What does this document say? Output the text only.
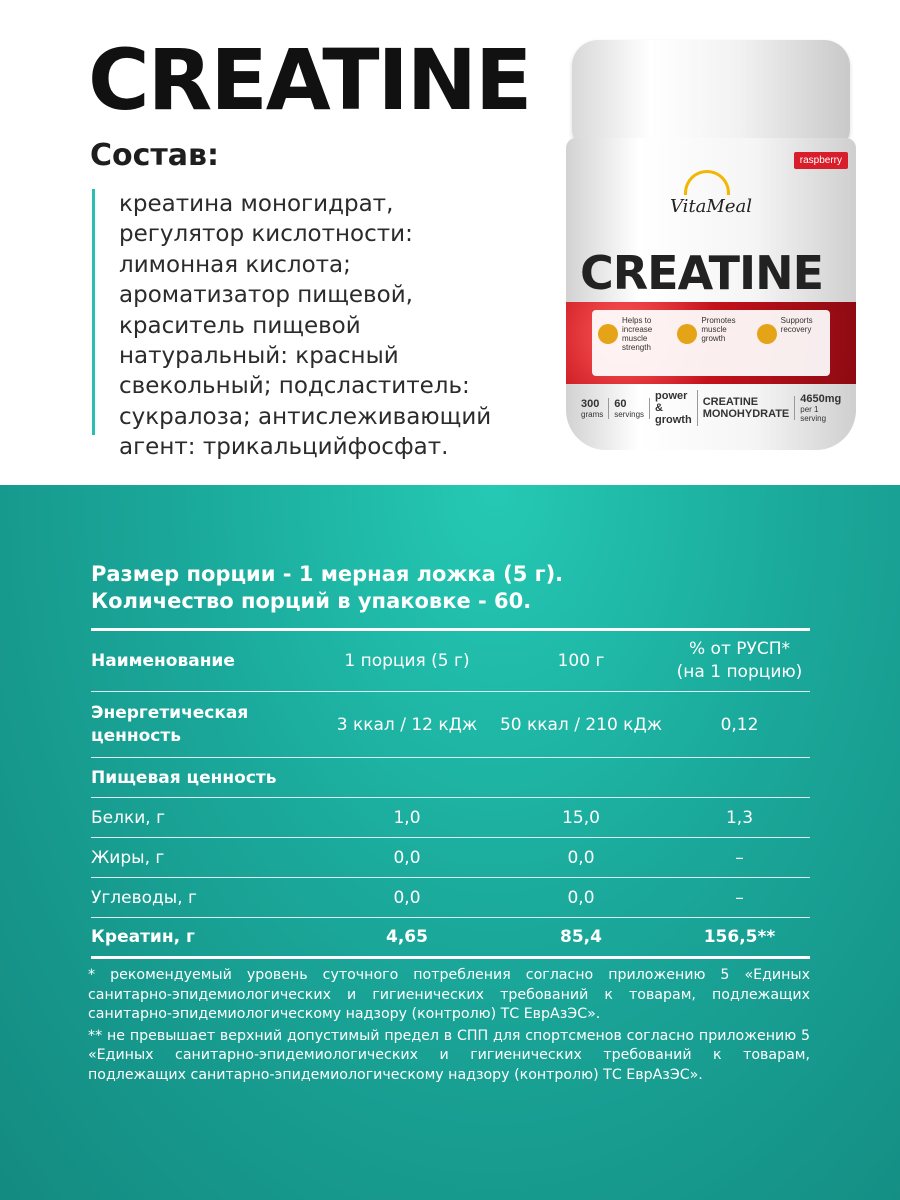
CREATINE
Состав:
креатина моногидрат,
регулятор кислотности:
лимонная кислота;
ароматизатор пищевой,
краситель пищевой
натуральный: красный
свекольный; подсластитель:
сукралоза; антислеживающий
агент: трикальцийфосфат.
raspberry
VitaMeal
CREATINE
Helps to increase muscle strength
Promotes muscle growth
Supports recovery
300
grams
60
servings
power & growth
CREATINE MONOHYDRATE
4650mg
per 1 serving
Размер порции - 1 мерная ложка (5 г).
Количество порций в упаковке - 60.
Наименование	1 порция (5 г)	100 г	% от РУСП*
(на 1 порцию)
Энергетическая
ценность	3 ккал / 12 кДж	50 ккал / 210 кДж	0,12
Пищевая ценность			
Белки, г	1,0	15,0	1,3
Жиры, г	0,0	0,0	–
Углеводы, г	0,0	0,0	–
Креатин, г	4,65	85,4	156,5**

* рекомендуемый уровень суточного потребления согласно приложению 5 «Единых санитарно-эпидемиологических и гигиенических требований к товарам, подлежащих санитарно-эпидемиологическому надзору (контролю) ТС ЕврАзЭС».

** не превышает верхний допустимый предел в СПП для спортсменов согласно приложению 5 «Единых санитарно-эпидемиологических и гигиенических требований к товарам, подлежащих санитарно-эпидемиологическому надзору (контролю) ТС ЕврАзЭС».
